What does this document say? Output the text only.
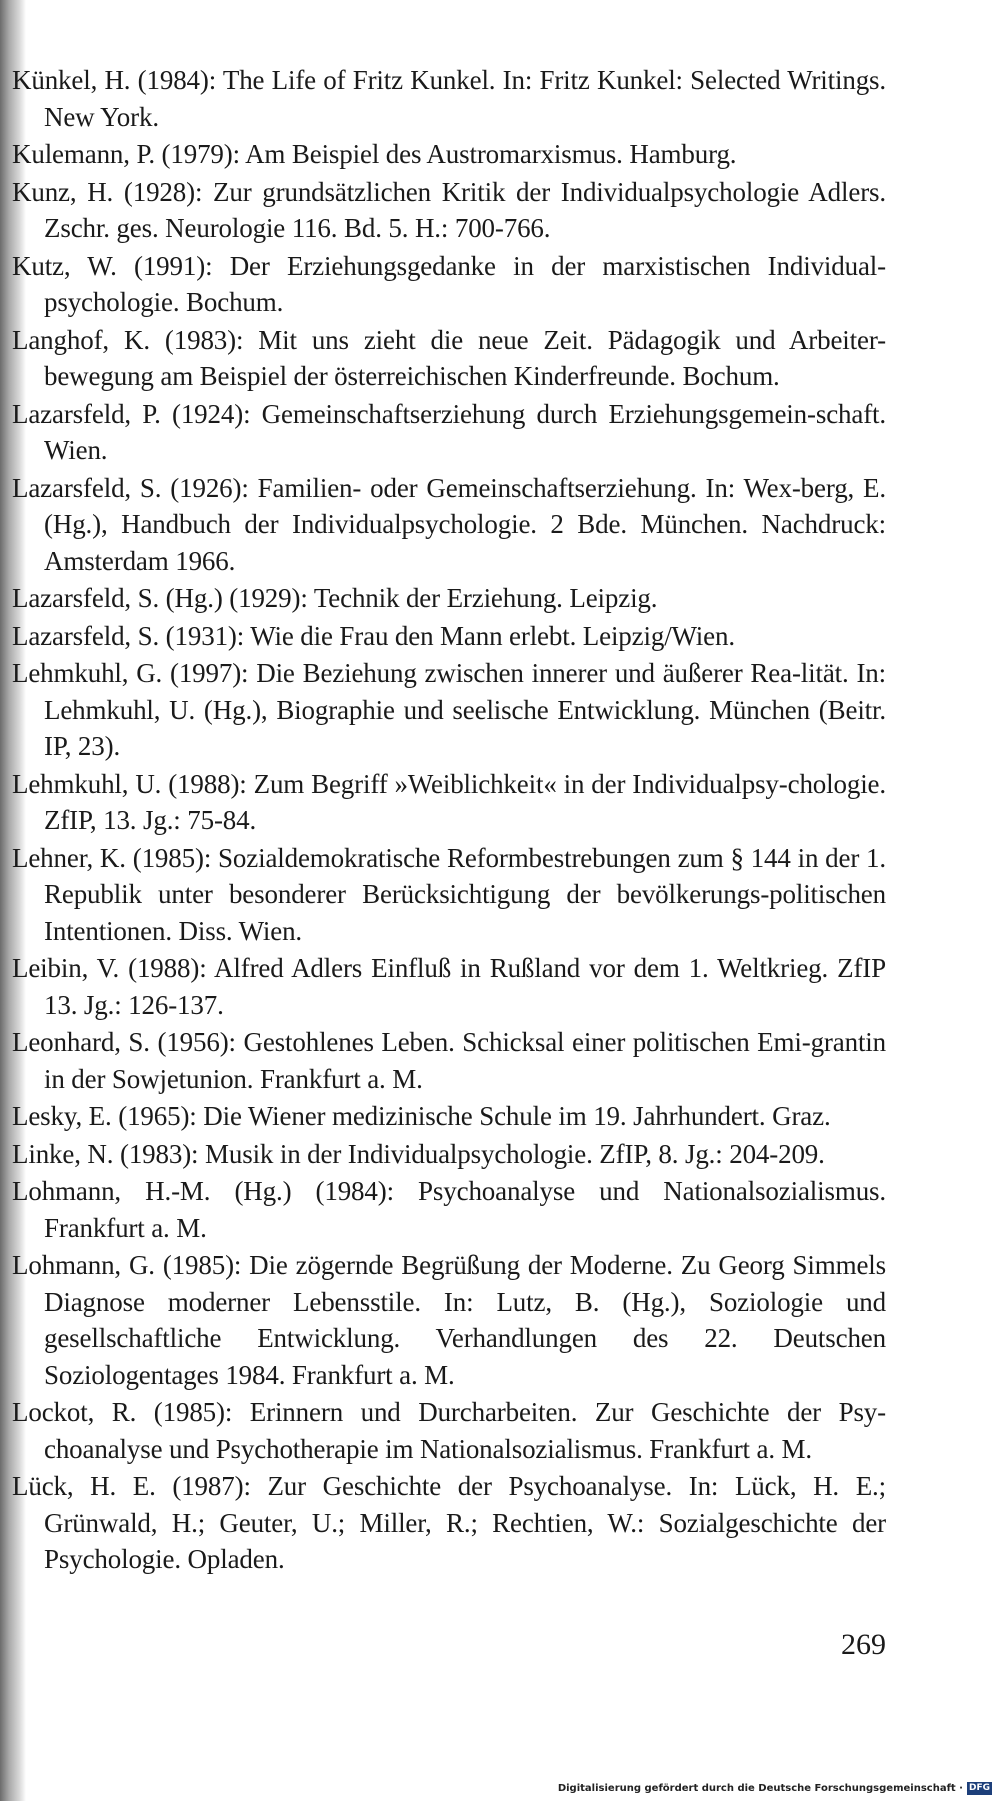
Künkel, H. (1984): The Life of Fritz Kunkel. In: Fritz Kunkel: Selected Writings. New York.
Kulemann, P. (1979): Am Beispiel des Austromarxismus. Hamburg.
Kunz, H. (1928): Zur grundsätzlichen Kritik der Individualpsychologie Adlers. Zschr. ges. Neurologie 116. Bd. 5. H.: 700-766.
Kutz, W. (1991): Der Erziehungsgedanke in der marxistischen Individual-psychologie. Bochum.
Langhof, K. (1983): Mit uns zieht die neue Zeit. Pädagogik und Arbeiter-bewegung am Beispiel der österreichischen Kinderfreunde. Bochum.
Lazarsfeld, P. (1924): Gemeinschaftserziehung durch Erziehungsgemein-schaft. Wien.
Lazarsfeld, S. (1926): Familien- oder Gemeinschaftserziehung. In: Wex-berg, E. (Hg.), Handbuch der Individualpsychologie. 2 Bde. München. Nachdruck: Amsterdam 1966.
Lazarsfeld, S. (Hg.) (1929): Technik der Erziehung. Leipzig.
Lazarsfeld, S. (1931): Wie die Frau den Mann erlebt. Leipzig/Wien.
Lehmkuhl, G. (1997): Die Beziehung zwischen innerer und äußerer Rea-lität. In: Lehmkuhl, U. (Hg.), Biographie und seelische Entwicklung. München (Beitr. IP, 23).
Lehmkuhl, U. (1988): Zum Begriff »Weiblichkeit« in der Individualpsy-chologie. ZfIP, 13. Jg.: 75-84.
Lehner, K. (1985): Sozialdemokratische Reformbestrebungen zum § 144 in der 1. Republik unter besonderer Berücksichtigung der bevölkerungs-politischen Intentionen. Diss. Wien.
Leibin, V. (1988): Alfred Adlers Einfluß in Rußland vor dem 1. Weltkrieg. ZfIP 13. Jg.: 126-137.
Leonhard, S. (1956): Gestohlenes Leben. Schicksal einer politischen Emi-grantin in der Sowjetunion. Frankfurt a. M.
Lesky, E. (1965): Die Wiener medizinische Schule im 19. Jahrhundert. Graz.
Linke, N. (1983): Musik in der Individualpsychologie. ZfIP, 8. Jg.: 204-209.
Lohmann, H.-M. (Hg.) (1984): Psychoanalyse und Nationalsozialismus. Frankfurt a. M.
Lohmann, G. (1985): Die zögernde Begrüßung der Moderne. Zu Georg Simmels Diagnose moderner Lebensstile. In: Lutz, B. (Hg.), Soziologie und gesellschaftliche Entwicklung. Verhandlungen des 22. Deutschen Soziologentages 1984. Frankfurt a. M.
Lockot, R. (1985): Erinnern und Durcharbeiten. Zur Geschichte der Psy-choanalyse und Psychotherapie im Nationalsozialismus. Frankfurt a. M.
Lück, H. E. (1987): Zur Geschichte der Psychoanalyse. In: Lück, H. E.; Grünwald, H.; Geuter, U.; Miller, R.; Rechtien, W.: Sozialgeschichte der Psychologie. Opladen.
269
Digitalisierung gefördert durch die Deutsche Forschungsgemeinschaft · DFG
